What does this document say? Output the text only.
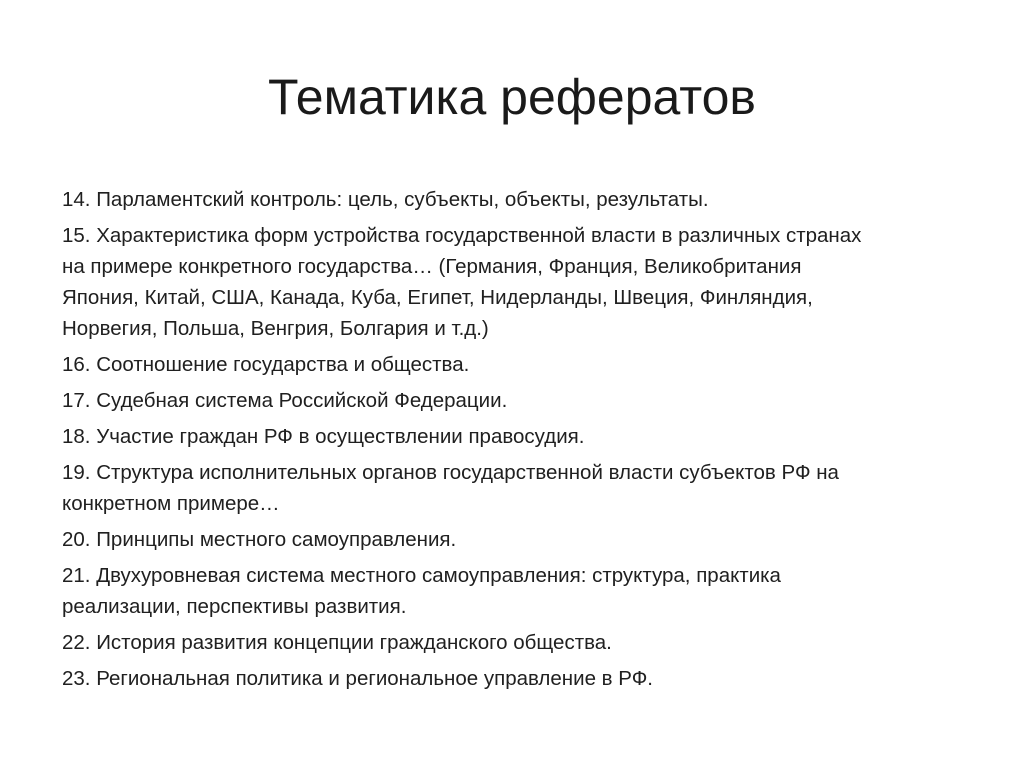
Тематика рефератов
14. Парламентский контроль: цель, субъекты, объекты, результаты.
15. Характеристика форм устройства государственной власти в различных странах
на примере конкретного государства… (Германия, Франция, Великобритания
Япония, Китай, США, Канада, Куба, Египет, Нидерланды, Швеция, Финляндия,
Норвегия, Польша, Венгрия, Болгария и т.д.)
16. Соотношение государства и общества.
17. Судебная система Российской Федерации.
18. Участие граждан РФ в осуществлении правосудия.
19. Структура исполнительных органов государственной власти субъектов РФ на
конкретном примере…
20. Принципы местного самоуправления.
21. Двухуровневая система местного самоуправления: структура, практика
реализации, перспективы развития.
22. История развития концепции гражданского общества.
23. Региональная политика и региональное управление в РФ.
